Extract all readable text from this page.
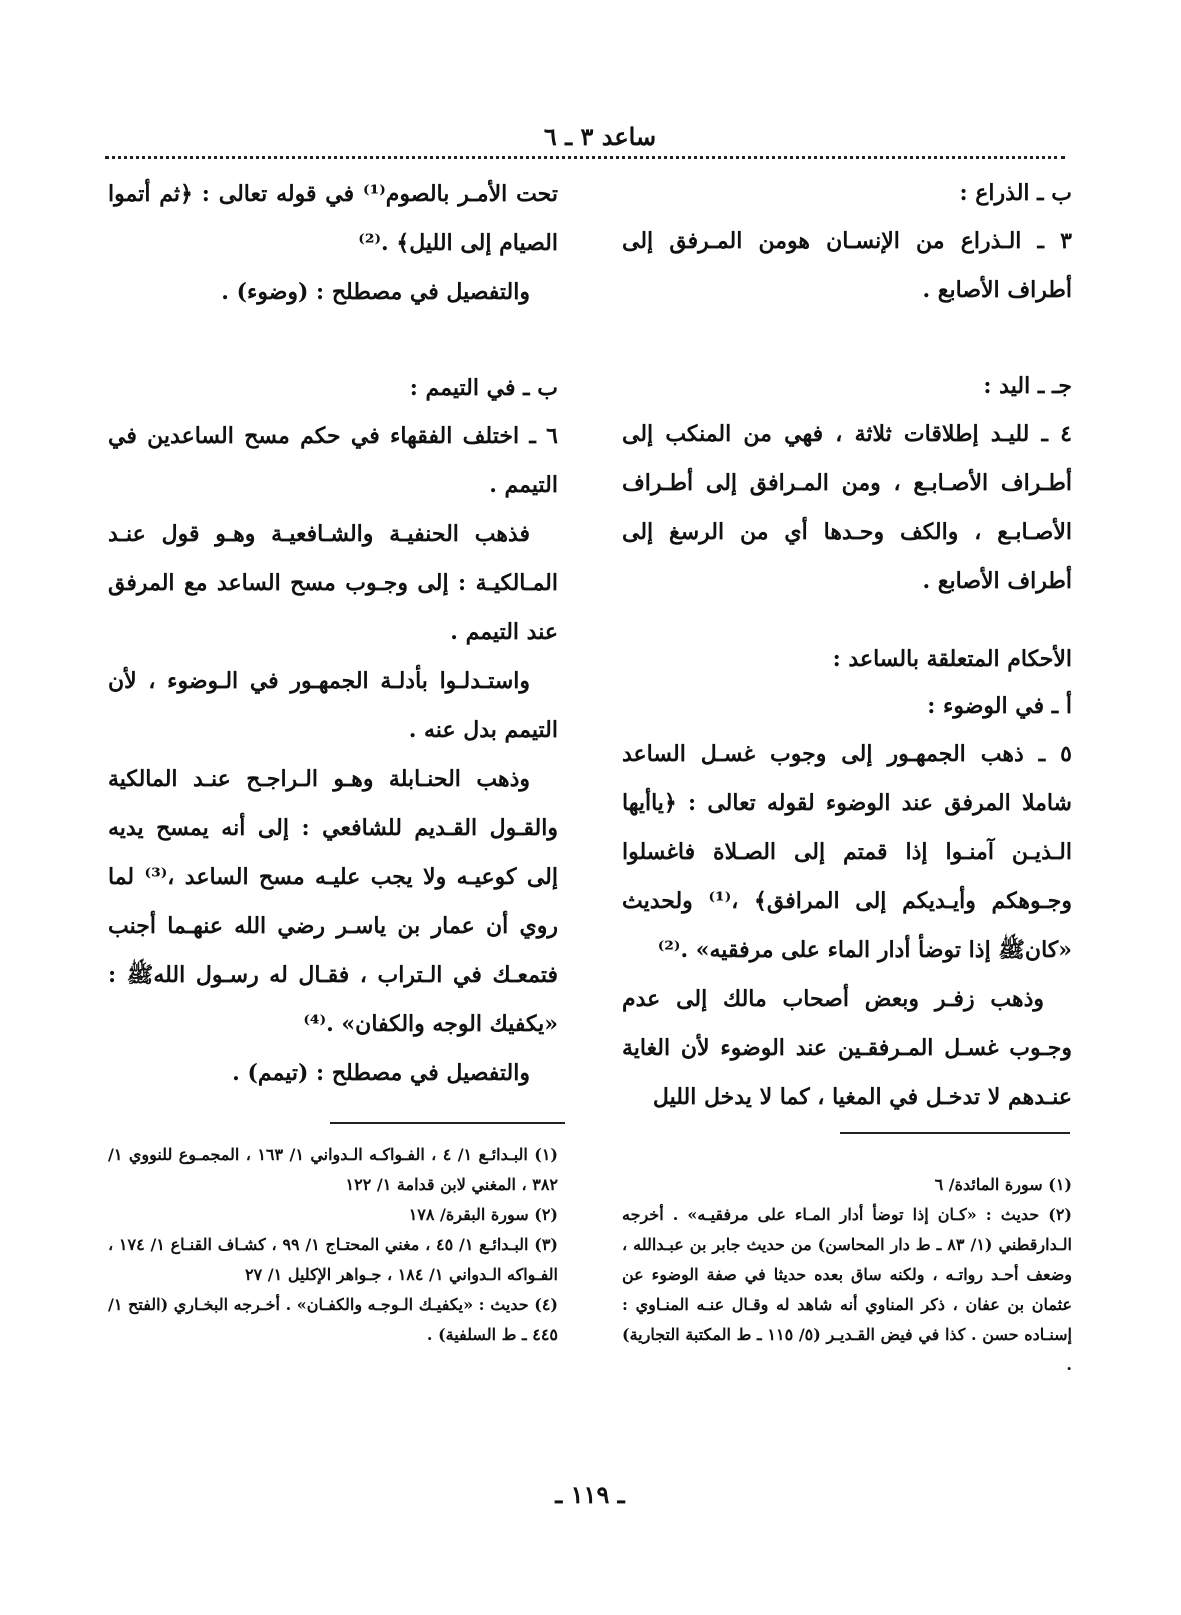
ساعد ٣ ـ ٦

ب ـ الذراع :

٣ ـ الـذراع من الإنسـان هومن المـرفق إلى أطراف الأصابع .

جـ ـ اليد :

٤ ـ لليـد إطلاقات ثلاثة ، فهي من المنكب إلى أطـراف الأصـابـع ، ومن المـرافق إلى أطـراف الأصـابـع ، والكف وحـدها أي من الرسغ إلى أطراف الأصابع .

الأحكام المتعلقة بالساعد :

أ ـ في الوضوء :

٥ ـ ذهب الجمهـور إلى وجوب غسـل الساعد شاملا المرفق عند الوضوء لقوله تعالى : ﴿ياأيها الـذيـن آمنـوا إذا قمتم إلى الصـلاة فاغسلوا وجـوهكم وأيـديكم إلى المرافق﴾ ،⁽¹⁾ ولحديث «كانﷺ إذا توضأ أدار الماء على مرفقيه» .⁽²⁾

وذهب زفـر وبعض أصحاب مالك إلى عدم وجـوب غسـل المـرفقـين عند الوضوء لأن الغاية عنـدهم لا تدخـل في المغيا ، كما لا يدخل الليل

تحت الأمـر بالصوم⁽¹⁾ في قوله تعالى : ﴿ثم أتموا الصيام إلى الليل﴾ .⁽²⁾

والتفصيل في مصطلح : (وضوء) .

ب ـ في التيمم :

٦ ـ اختلف الفقهاء في حكم مسح الساعدين في التيمم .

فذهب الحنفيـة والشـافعيـة وهـو قول عنـد المـالكيـة : إلى وجـوب مسح الساعد مع المرفق عند التيمم .

واستـدلـوا بأدلـة الجمهـور في الـوضوء ، لأن التيمم بدل عنه .

وذهب الحنـابلة وهـو الـراجـح عنـد المالكية والقـول القـديم للشافعي : إلى أنه يمسح يديه إلى كوعيـه ولا يجب عليـه مسح الساعد ،⁽³⁾ لما روي أن عمار بن ياسـر رضي الله عنهـما أجنب فتمعـك في الـتراب ، فقـال له رسـول اللهﷺ : «يكفيك الوجه والكفان» .⁽⁴⁾

والتفصيل في مصطلح : (تيمم) .

(١) سورة المائدة/ ٦

(٢) حديث : «كـان إذا توضأ أدار المـاء على مرفقيـه» . أخرجه الـدارقطني (١/ ٨٣ ـ ط دار المحاسن) من حديث جابر بن عبـدالله ، وضعف أحـد رواتـه ، ولكنه ساق بعده حديثا في صفة الوضوء عن عثمان بن عفان ، ذكر المناوي أنه شاهد له وقـال عنـه المنـاوي : إسنـاده حسن . كذا في فيض القـديـر (٥/ ١١٥ ـ ط المكتبة التجارية) .

(١) البـدائـع ١/ ٤ ، الفـواكـه الـدواني ١/ ١٦٣ ، المجمـوع للنووي ١/ ٣٨٢ ، المغني لابن قدامة ١/ ١٢٢

(٢) سورة البقرة/ ١٧٨

(٣) البـدائـع ١/ ٤٥ ، مغني المحتـاج ١/ ٩٩ ، كشـاف القنـاع ١/ ١٧٤ ، الفـواكه الـدواني ١/ ١٨٤ ، جـواهر الإكليل ١/ ٢٧

(٤) حديث : «يكفيـك الـوجـه والكفـان» . أخـرجه البخـاري (الفتح ١/ ٤٤٥ ـ ط السلفية) .

ـ ١١٩ ـ
